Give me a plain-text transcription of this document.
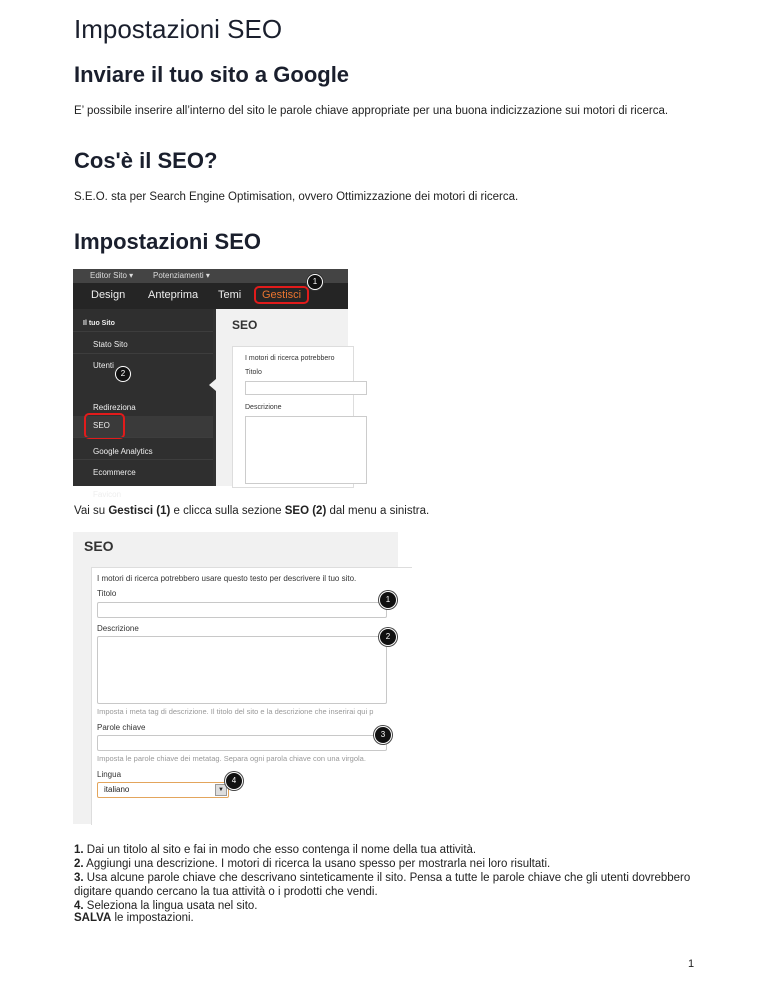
Impostazioni SEO
Inviare il tuo sito a Google
E’ possibile inserire all’interno del sito le parole chiave appropriate per una buona indicizzazione sui motori di ricerca.
Cos'è il SEO?
S.E.O. sta per Search Engine Optimisation, ovvero Ottimizzazione dei motori di ricerca.
Impostazioni SEO
Editor Sito ▾ Potenziamenti ▾
Design Anteprima Temi	Gestisci
1
Il tuo Sito
Stato Sito
Utenti
SEO
Redireziona
Google Analytics
Ecommerce
Favicon
2
SEO
I motori di ricerca potrebbero
Titolo
Descrizione
Vai su Gestisci (1) e clicca sulla sezione SEO (2) dal menu a sinistra.
SEO
I motori di ricerca potrebbero usare questo testo per descrivere il tuo sito.
Titolo
1
Descrizione
2
Imposta i meta tag di descrizione. Il titolo del sito e la descrizione che inserirai qui p
Parole chiave
3
Imposta le parole chiave dei metatag. Separa ogni parola chiave con una virgola.
Lingua
italiano	▼
4
1. Dai un titolo al sito e fai in modo che esso contenga il nome della tua attività.
2. Aggiungi una descrizione. I motori di ricerca la usano spesso per mostrarla nei loro risultati.
3. Usa alcune parole chiave che descrivano sinteticamente il sito. Pensa a tutte le parole chiave che gli utenti dovrebbero digitare quando cercano la tua attività o i prodotti che vendi.
4. Seleziona la lingua usata nel sito.
SALVA le impostazioni.
1
